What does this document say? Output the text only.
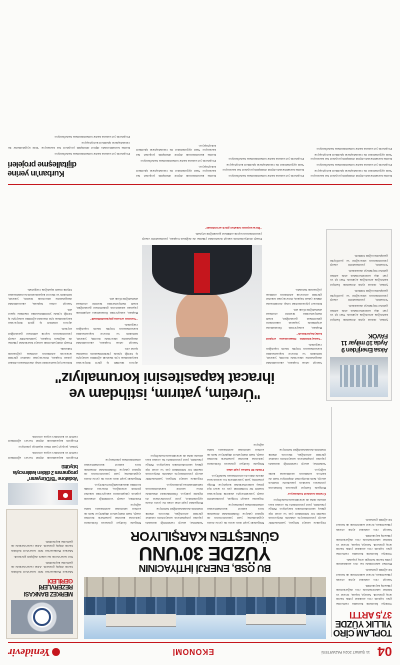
04
11 ŞUBAT 2024 PAZARTESİ
EKONOMİ
Yenidevir
TOPLAM CİRO
YILLIK YÜZDE
37,5 ARTTI

Türkiye İstatistik Kurumu verilerine göre toplam ciro endeksi yıllık bazda artış gösterdi. Sanayi, inşaat, ticaret ve hizmet sektörlerinde ciro değerlerinde yükseliş kaydedildi.

Sanayi ciro endeksi aylık olarak yükselirken, ticaret sektöründe de benzer bir eğilim gözlendi.

Hizmet sektöründe ise ciro endeksinde yıllık bazda belirgin artış yaşandı.

Türkiye İstatistik Kurumu verilerine göre toplam ciro endeksi yıllık bazda artış gösterdi. Sanayi, inşaat, ticaret ve hizmet sektörlerinde ciro değerlerinde yükseliş kaydedildi.

Sanayi ciro endeksi aylık olarak yükselirken, ticaret sektöründe de benzer bir eğilim gözlendi.

BU OSB, ENERJİ İHTİYACININ
YÜZDE 30'UNU
GÜNEŞTEN KARŞILIYOR

Organize sanayi bölgesi, yenilenebilir enerji yatırımlarıyla elektrik ihtiyacının önemli bir bölümünü çatı ve arazi tipi güneş santrallerinden karşılıyor. Bölge yönetimi, yeni yatırımlarla bu oranın kısa sürede daha da artırılmasını hedefliyor.

Üretim tesisleri bulunuyor

Bölgede faaliyet gösteren firmaların çatılarına kurulan panellerle üretilen enerji, hem maliyetleri düşürüyor hem de karbon salımının azalmasına katkı sağlıyor.

Yetkililer, enerji verimliliği alanında yapılan çalışmaların sanayicinin rekabet gücünü artırdığını, ihracata dönük üretimin desteklendiğini belirtiyor.

Bölgedeki yeşil alan oranı ile çevre dostu uygulamalar, yeni yatırımcıların da ilgisini çekiyor. Önümüzdeki dönemde ilave santral kurulumlarının tamamlanması planlanıyor.

Organize sanayi bölgesi, yenilenebilir enerji yatırımlarıyla elektrik ihtiyacının önemli bir bölümünü çatı ve arazi tipi güneş santrallerinden karşılıyor. Bölge yönetimi, yeni yatırımlarla bu oranın kısa sürede daha da artırılmasını hedefliyor.

Yüzde 60 fazlası yeşil alan

Bölgede faaliyet gösteren firmaların çatılarına kurulan panellerle üretilen enerji, hem maliyetleri düşürüyor hem de karbon salımının azalmasına katkı sağlıyor.

Yetkililer, enerji verimliliği alanında yapılan çalışmaların sanayicinin rekabet gücünü artırdığını, ihracata dönük üretimin desteklendiğini belirtiyor.

Bölgedeki yeşil alan oranı ile çevre dostu uygulamalar, yeni yatırımcıların da ilgisini çekiyor. Önümüzdeki dönemde ilave santral kurulumlarının tamamlanması planlanıyor.

Organize sanayi bölgesi, yenilenebilir enerji yatırımlarıyla elektrik ihtiyacının önemli bir bölümünü çatı ve arazi tipi güneş santrallerinden karşılıyor. Bölge yönetimi, yeni yatırımlarla bu oranın kısa sürede daha da artırılmasını hedefliyor.

Bölgede faaliyet gösteren firmaların çatılarına kurulan panellerle üretilen enerji, hem maliyetleri düşürüyor hem de karbon salımının azalmasına katkı sağlıyor.

Yetkililer, enerji verimliliği alanında yapılan çalışmaların sanayicinin rekabet gücünü artırdığını, ihracata dönük üretimin desteklendiğini belirtiyor.

Bölgedeki yeşil alan oranı ile çevre dostu uygulamalar, yeni yatırımcıların da ilgisini çekiyor. Önümüzdeki dönemde ilave santral kurulumlarının tamamlanması planlanıyor.

MERKEZ BANKASI
REZERVLERİ
GERİLEDİ

Merkez Bankası'nın brüt rezervleri haftalık bazda düşüş gösterdi. Altın rezervlerinde de gerileme kaydedildi.

Net rezervlerde ise sınırlı değişim gözlendi.

Merkez Bankası'nın brüt rezervleri haftalık bazda düşüş gösterdi. Altın rezervlerinde de gerileme kaydedildi.

Vodafone "Bi'Dünyanın" programını 2 dilden katılımcıyla büyüttü

Program kapsamında dijital beceri eğitimleri verildi ve katılımcı sayısı artırıldı.

Şirket, projeyi yeni illere taşımayı planlıyor.

Program kapsamında dijital beceri eğitimleri verildi ve katılımcı sayısı artırıldı.

Aksa Enerji'den 9 Ayda 10 milyar 11 FAVÖK

Şirket, dokuz aylık dönemde faaliyet karlılığını artırdığını açıkladı. Yurt içi ve yurt dışı santrallerinden elde edilen gelirler büyümeyi destekledi.

Yönetim, yenilenebilir enerji yatırımlarının süreceğini ve portföyün genişletileceğini bildirdi.

Şirket, dokuz aylık dönemde faaliyet karlılığını artırdığını açıkladı. Yurt içi ve yurt dışı santrallerinden elde edilen gelirler büyümeyi destekledi.

Yönetim, yenilenebilir enerji yatırımlarının süreceğini ve portföyün genişletileceğini bildirdi.

"Üretim, yatırım, istihdam ve
ihracat kapasitesini korumalıyız"

Sanayi odası başkanı, ekonomideki dengelenme sürecinde üretim, yatırım, istihdam ve ihracat kapasitesinin korunmasının büyük önem taşıdığını vurguladı.

"Sanayicimizin finansmana erişimi kolaylaştırılmalı"

Başkan, sanayicinin finansmana erişiminde yaşanan sıkıntıların giderilmesi gerektiğini, kredi maliyetlerinin üretimi olumsuz etkilediğini ifade etti.

Küresel piyasalardaki talep daralmasına dikkat çeken başkan, ihracatçının rekabet gücünü artıracak adımların atılması çağrısında bulundu.

Enerji maliyetlerinin sanayi üzerindeki yüküne de değinen başkan, yenilenebilir enerji yatırımlarının teşvik edilmesi gerektiğini söyledi.

"İhracatçının rekabet gücü artırılmalı"

Ayrıca nitelikli iş gücü ihtiyacının karşılanması için mesleki eğitimin sanayiyle iş birliği içinde yürütülmesinin önemine işaret etti.

Sanayi odası başkanı, ekonomideki dengelenme sürecinde üretim, yatırım, istihdam ve ihracat kapasitesinin korunmasının büyük önem taşıdığını vurguladı.

"Yatırım ortamı güçlendirilmeli"

Başkan, sanayicinin finansmana erişiminde yaşanan sıkıntıların giderilmesi gerektiğini, kredi maliyetlerinin üretimi olumsuz etkilediğini ifade etti.

Küresel piyasalardaki talep daralmasına dikkat çeken başkan, ihracatçının rekabet gücünü artıracak adımların atılması çağrısında bulundu.

Enerji maliyetlerinin sanayi üzerindeki yüküne de değinen başkan, yenilenebilir enerji yatırımlarının teşvik edilmesi gerektiğini söyledi.

Ayrıca nitelikli iş gücü ihtiyacının karşılanması için mesleki eğitimin sanayiyle iş birliği içinde yürütülmesinin önemine işaret etti.

Sanayi odası başkanı, ekonomideki dengelenme sürecinde üretim, yatırım, istihdam ve ihracat kapasitesinin korunmasının büyük önem taşıdığını vurguladı.

Kurban'ın yerine
dijitalleşme projeleri

Kamu kurumlarında dijital dönüşüm projeleri hız kazanıyor. Yeni uygulamalar ile vatandaşların işlemleri kolaylaşıyor.

Projelerin yıl sonuna kadar tamamlanması hedefleniyor.

Kamu kurumlarında dijital dönüşüm projeleri hız kazanıyor. Yeni uygulamalar ile vatandaşların işlemleri kolaylaşıyor.

Projelerin yıl sonuna kadar tamamlanması hedefleniyor.

Projelerin yıl sonuna kadar tamamlanması hedefleniyor.

Kamu kurumlarında dijital dönüşüm projeleri hız kazanıyor. Yeni uygulamalar ile vatandaşların işlemleri kolaylaşıyor.

Projelerin yıl sonuna kadar tamamlanması hedefleniyor.

Kamu kurumlarında dijital dönüşüm projeleri hız kazanıyor. Yeni uygulamalar ile vatandaşların işlemleri kolaylaşıyor.

Projelerin yıl sonuna kadar tamamlanması hedefleniyor.

Kamu kurumlarında dijital dönüşüm projeleri hız kazanıyor. Yeni uygulamalar ile vatandaşların işlemleri kolaylaşıyor.

Projelerin yıl sonuna kadar tamamlanması hedefleniyor.

Kamu kurumlarında dijital dönüşüm projeleri hız kazanıyor. Yeni uygulamalar ile vatandaşların işlemleri kolaylaşıyor.

Projelerin yıl sonuna kadar tamamlanması hedefleniyor.
